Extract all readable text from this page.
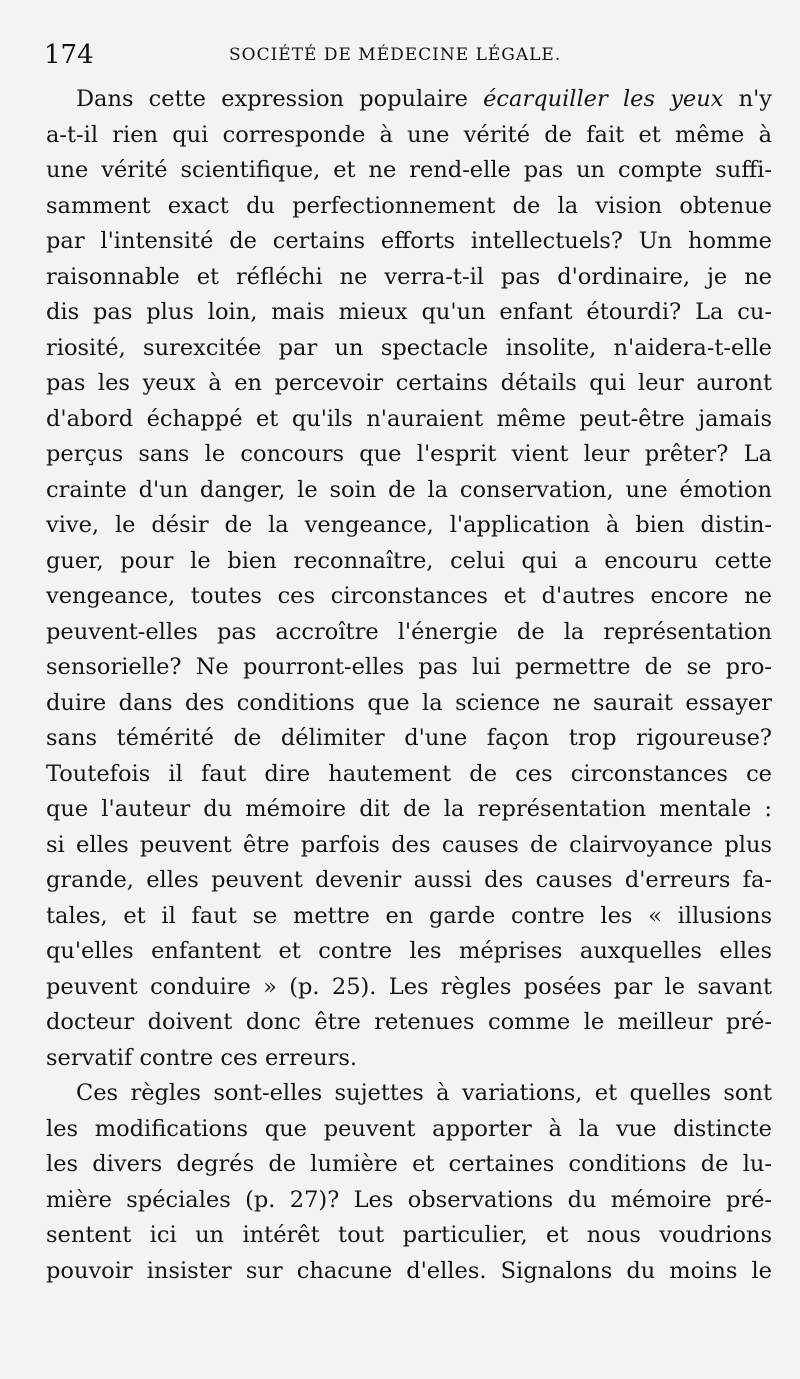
174	SOCIÉTÉ DE MÉDECINE LÉGALE.
Dans cette expression populaire écarquiller les yeux n'y
a-t-il rien qui corresponde à une vérité de fait et même à
une vérité scientifique, et ne rend-elle pas un compte suffi-
samment exact du perfectionnement de la vision obtenue
par l'intensité de certains efforts intellectuels? Un homme
raisonnable et réfléchi ne verra-t-il pas d'ordinaire, je ne
dis pas plus loin, mais mieux qu'un enfant étourdi? La cu-
riosité, surexcitée par un spectacle insolite, n'aidera-t-elle
pas les yeux à en percevoir certains détails qui leur auront
d'abord échappé et qu'ils n'auraient même peut-être jamais
perçus sans le concours que l'esprit vient leur prêter? La
crainte d'un danger, le soin de la conservation, une émotion
vive, le désir de la vengeance, l'application à bien distin-
guer, pour le bien reconnaître, celui qui a encouru cette
vengeance, toutes ces circonstances et d'autres encore ne
peuvent-elles pas accroître l'énergie de la représentation
sensorielle? Ne pourront-elles pas lui permettre de se pro-
duire dans des conditions que la science ne saurait essayer
sans témérité de délimiter d'une façon trop rigoureuse?
Toutefois il faut dire hautement de ces circonstances ce
que l'auteur du mémoire dit de la représentation mentale :
si elles peuvent être parfois des causes de clairvoyance plus
grande, elles peuvent devenir aussi des causes d'erreurs fa-
tales, et il faut se mettre en garde contre les « illusions
qu'elles enfantent et contre les méprises auxquelles elles
peuvent conduire » (p. 25). Les règles posées par le savant
docteur doivent donc être retenues comme le meilleur pré-
servatif contre ces erreurs.
Ces règles sont-elles sujettes à variations, et quelles sont
les modifications que peuvent apporter à la vue distincte
les divers degrés de lumière et certaines conditions de lu-
mière spéciales (p. 27)? Les observations du mémoire pré-
sentent ici un intérêt tout particulier, et nous voudrions
pouvoir insister sur chacune d'elles. Signalons du moins le
